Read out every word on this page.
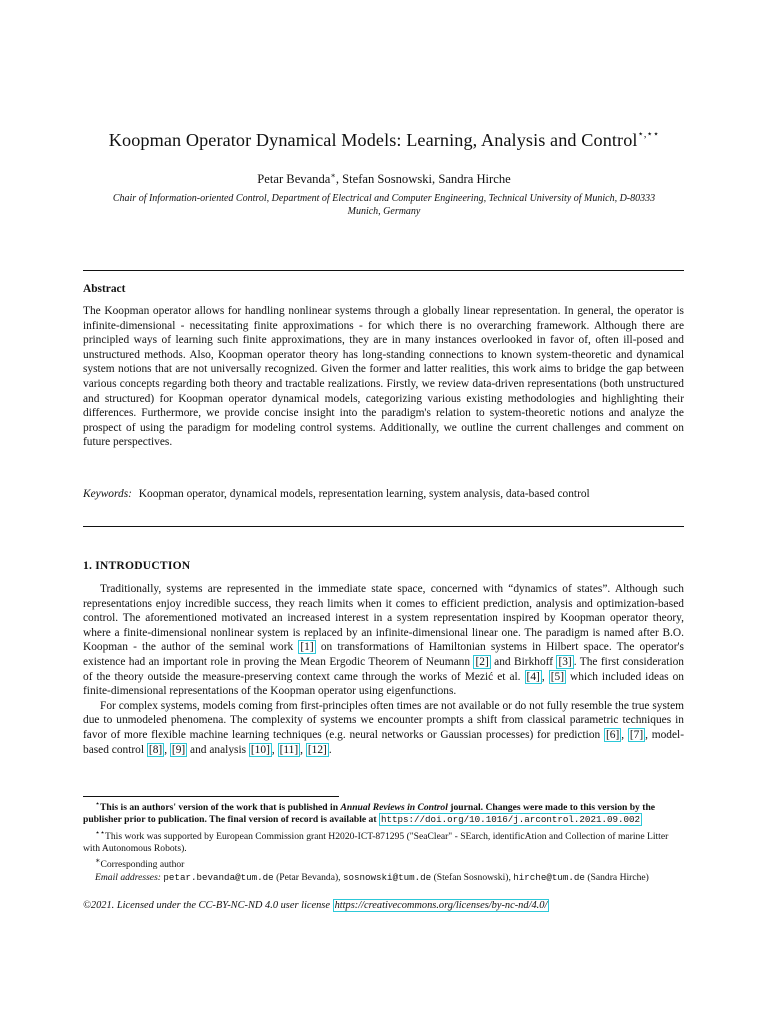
Koopman Operator Dynamical Models: Learning, Analysis and Control⋆,⋆⋆
Petar Bevanda∗, Stefan Sosnowski, Sandra Hirche
Chair of Information-oriented Control, Department of Electrical and Computer Engineering, Technical University of Munich, D-80333 Munich, Germany
Abstract

The Koopman operator allows for handling nonlinear systems through a globally linear representation. In general, the operator is infinite-dimensional - necessitating finite approximations - for which there is no overarching framework. Although there are principled ways of learning such finite approximations, they are in many instances overlooked in favor of, often ill-posed and unstructured methods. Also, Koopman operator theory has long-standing connections to known system-theoretic and dynamical system notions that are not universally recognized. Given the former and latter realities, this work aims to bridge the gap between various concepts regarding both theory and tractable realizations. Firstly, we review data-driven representations (both unstructured and structured) for Koopman operator dynamical models, categorizing various existing methodologies and highlighting their differences. Furthermore, we provide concise insight into the paradigm's relation to system-theoretic notions and analyze the prospect of using the paradigm for modeling control systems. Additionally, we outline the current challenges and comment on future perspectives.

Keywords: Koopman operator, dynamical models, representation learning, system analysis, data-based control

1. INTRODUCTION

Traditionally, systems are represented in the immediate state space, concerned with “dynamics of states”. Although such representations enjoy incredible success, they reach limits when it comes to efficient prediction, analysis and optimization-based control. The aforementioned motivated an increased interest in a system representation inspired by Koopman operator theory, where a finite-dimensional nonlinear system is replaced by an infinite-dimensional linear one. The paradigm is named after B.O. Koopman - the author of the seminal work [1] on transformations of Hamiltonian systems in Hilbert space. The operator's existence had an important role in proving the Mean Ergodic Theorem of Neumann [2] and Birkhoff [3] . The first consideration of the theory outside the measure-preserving context came through the works of Mezić et al. [4] , [5] which included ideas on finite-dimensional representations of the Koopman operator using eigenfunctions.

For complex systems, models coming from first-principles often times are not available or do not fully resemble the true system due to unmodeled phenomena. The complexity of systems we encounter prompts a shift from classical parametric techniques in favor of more flexible machine learning techniques (e.g. neural networks or Gaussian processes) for prediction [6] , [7] , model-based control [8] , [9] and analysis [10] , [11] , [12] .

⋆This is an authors' version of the work that is published in Annual Reviews in Control journal. Changes were made to this version by the publisher prior to publication. The final version of record is available at https://doi.org/10.1016/j.arcontrol.2021.09.002

⋆⋆This work was supported by European Commission grant H2020-ICT-871295 ("SeaClear" - SEarch, identificAtion and Collection of marine Litter with Autonomous Robots).

∗Corresponding author

Email addresses: petar.bevanda@tum.de (Petar Bevanda), sosnowski@tum.de (Stefan Sosnowski), hirche@tum.de (Sandra Hirche)

©2021. Licensed under the CC-BY-NC-ND 4.0 user license https://creativecommons.org/licenses/by-nc-nd/4.0/
